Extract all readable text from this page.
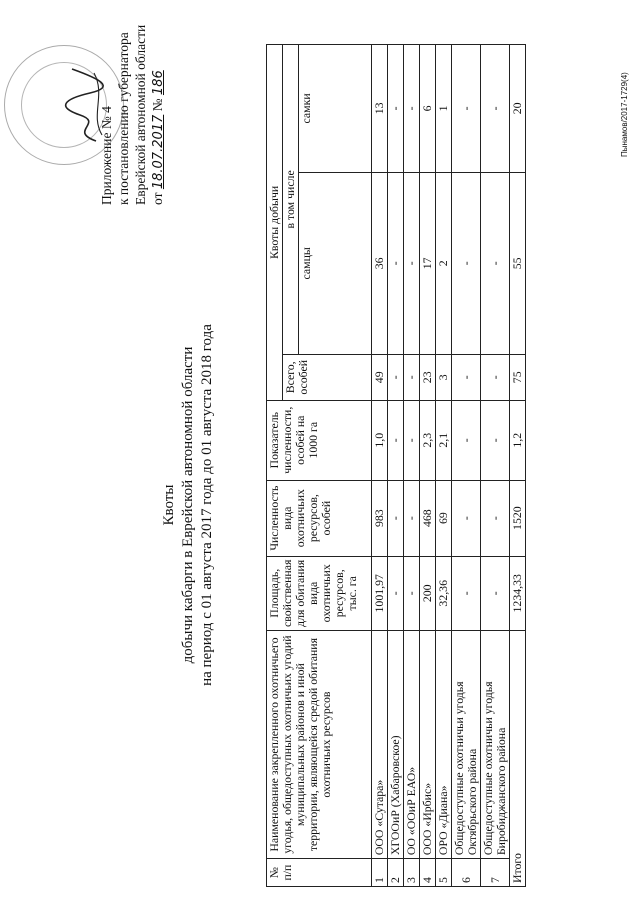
Приложение № 4 к постановлению губернатора Еврейской автономной области от 18.07.2017 № 186
Квоты добычи кабарги в Еврейской автономной области на период с 01 августа 2017 года до 01 августа 2018 года
№ п/п	Наименование закрепленного охотничьего угодья, общедоступных охотничьих угодий муниципальных районов и иной территории, являющейся средой обитания охотничьих ресурсов	Площадь, свойственная для обитания вида охотничьих ресурсов, тыс. га	Численность вида охотничьих ресурсов, особей	Показатель численности, особей на 1000 га	Квоты добычи		
					Всего, особей	в том числе	
						самцы	самки
1	ООО «Сутара»	1001,97	983	1,0	49	36	13
2	ХГООиР (Хабаровское)	-	-	-	-	-	-
3	ОО «ООиР ЕАО»	-	-	-	-	-	-
4	ООО «Ирбис»	200	468	2,3	23	17	6
5	ОРО «Диана»	32,36	69	2,1	3	2	1
6	Общедоступные охотничьи угодья Октябрьского района	-	-	-	-	-	-
7	Общедоступные охотничьи угодья Биробиджанского района	-	-	-	-	-	-
Итого		1234,33	1520	1,2	75	55	20	Пынамов/2017-1729(4)
